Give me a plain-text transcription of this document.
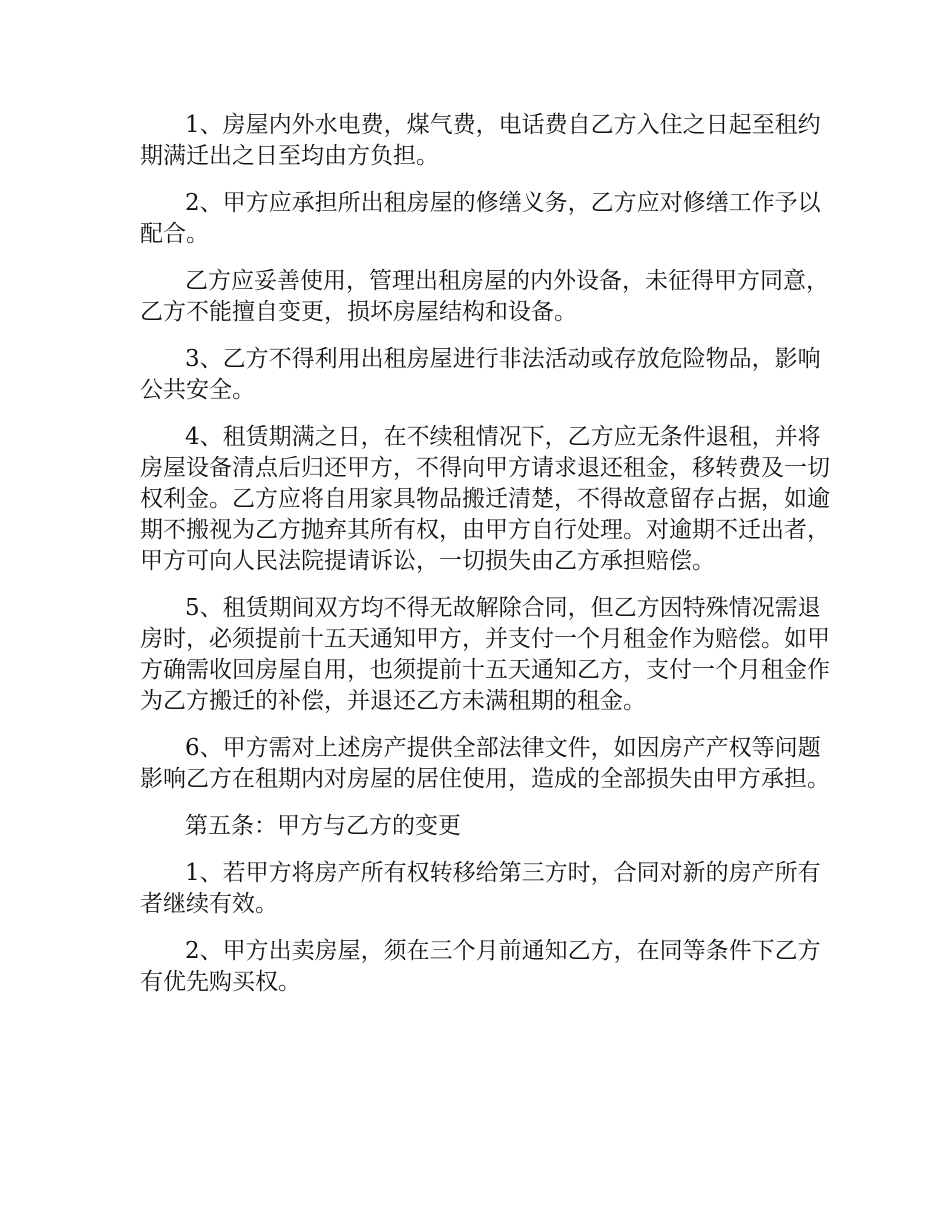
1、房屋内外水电费，煤气费，电话费自乙方入住之日起至租约期满迁出之日至均由方负担。

2、甲方应承担所出租房屋的修缮义务，乙方应对修缮工作予以配合。

乙方应妥善使用，管理出租房屋的内外设备，未征得甲方同意，乙方不能擅自变更，损坏房屋结构和设备。

3、乙方不得利用出租房屋进行非法活动或存放危险物品，影响公共安全。

4、租赁期满之日，在不续租情况下，乙方应无条件退租，并将房屋设备清点后归还甲方，不得向甲方请求退还租金，移转费及一切权利金。乙方应将自用家具物品搬迁清楚，不得故意留存占据，如逾期不搬视为乙方抛弃其所有权，由甲方自行处理。对逾期不迁出者，甲方可向人民法院提请诉讼，一切损失由乙方承担赔偿。

5、租赁期间双方均不得无故解除合同，但乙方因特殊情况需退房时，必须提前十五天通知甲方，并支付一个月租金作为赔偿。如甲方确需收回房屋自用，也须提前十五天通知乙方，支付一个月租金作为乙方搬迁的补偿，并退还乙方未满租期的租金。

6、甲方需对上述房产提供全部法律文件，如因房产产权等问题影响乙方在租期内对房屋的居住使用，造成的全部损失由甲方承担。

第五条：甲方与乙方的变更

1、若甲方将房产所有权转移给第三方时，合同对新的房产所有者继续有效。

2、甲方出卖房屋，须在三个月前通知乙方，在同等条件下乙方有优先购买权。
